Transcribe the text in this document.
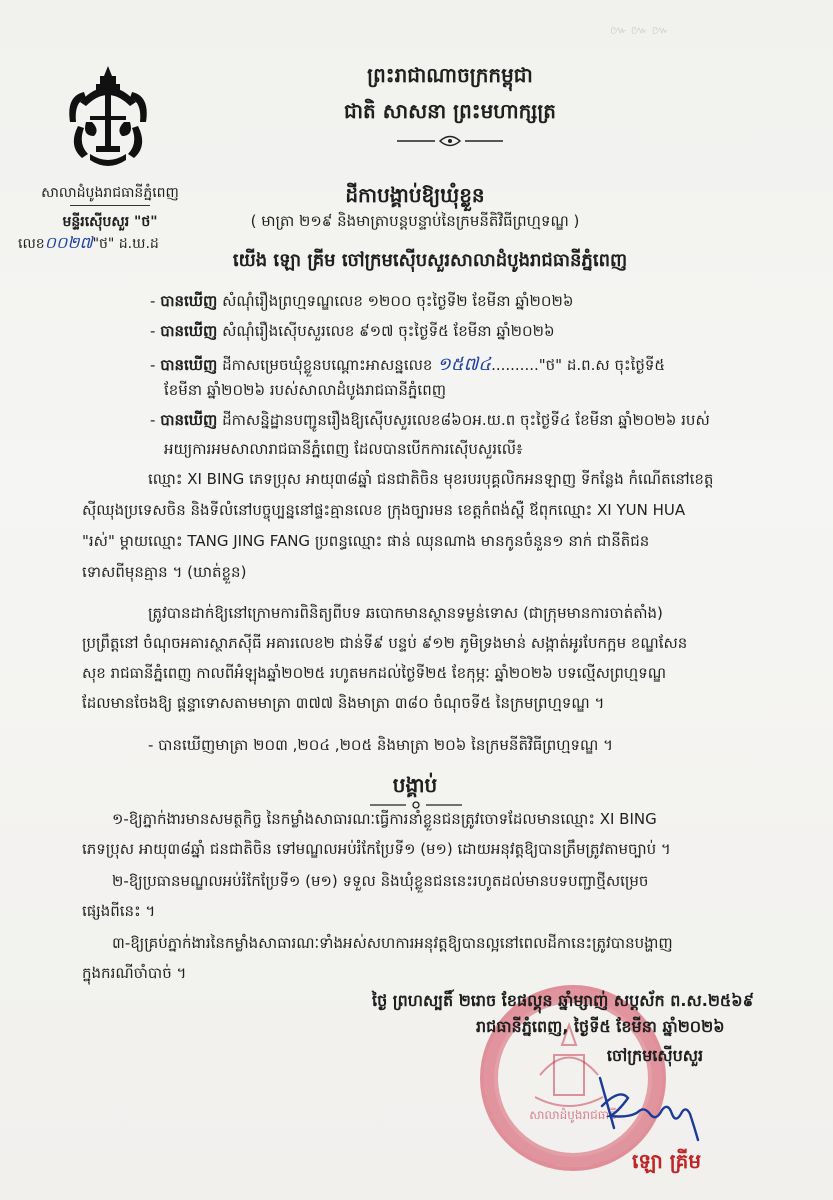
៚ ៚ ៚
សាលាដំបូងរាជធានីភ្នំពេញ
មន្ទីរស៊ើបសួរ "ថ"
លេខ០០២៧"ថ" ដ.ឃ.ដ
ព្រះរាជាណាចក្រកម្ពុជា
ជាតិ សាសនា ព្រះមហាក្សត្រ
ដីកាបង្គាប់ឱ្យឃុំខ្លួន
( មាត្រា ២១៩ និងមាត្រាបន្តបន្ទាប់នៃក្រមនីតិវិធីព្រហ្មទណ្ឌ )
យើង ឡោ គ្រីម ចៅក្រមស៊ើបសួរសាលាដំបូងរាជធានីភ្នំពេញ
- បានឃើញ សំណុំរឿងព្រហ្មទណ្ឌលេខ ១២០០ ចុះថ្ងៃទី២ ខែមីនា ឆ្នាំ២០២៦
- បានឃើញ សំណុំរឿងស៊ើបសួរលេខ ៩១៧ ចុះថ្ងៃទី៥ ខែមីនា ឆ្នាំ២០២៦
- បានឃើញ ដីកាសម្រេចឃុំខ្លួនបណ្ដោះអាសន្នលេខ ១៥៧៤.........."ថ" ដ.ព.ស ចុះថ្ងៃទី៥
ខែមីនា ឆ្នាំ២០២៦ របស់សាលាដំបូងរាជធានីភ្នំពេញ
- បានឃើញ ដីកាសន្និដ្ឋានបញ្ជូនរឿងឱ្យស៊ើបសួរលេខ៨៦០អ.យ.ព ចុះថ្ងៃទី៤ ខែមីនា ឆ្នាំ២០២៦ របស់
អយ្យការអមសាលារាជធានីភ្នំពេញ ដែលបានបើកការស៊ើបសួរលើ៖
ឈ្មោះ XI BING ភេទប្រុស អាយុ៣៨ឆ្នាំ ជនជាតិចិន មុខរបរបុគ្គលិកអនឡាញ ទីកន្លែង កំណើតនៅខេត្ត
ស៊ីឈុងប្រទេសចិន និងទីលំនៅបច្ចុប្បន្ននៅផ្ទះគ្មានលេខ ក្រុងច្បារមន ខេត្តកំពង់ស្ពឺ ឪពុកឈ្មោះ XI YUN HUA
"រស់" ម្ដាយឈ្មោះ TANG JING FANG ប្រពន្ធឈ្មោះ ផាន់ ឈុនណាង មានកូនចំនួន១ នាក់ ជានីតិជន
ទោសពីមុនគ្មាន ។ (ឃាត់ខ្លួន)
ត្រូវបានដាក់ឱ្យនៅក្រោមការពិនិត្យពីបទ ឆបោកមានស្ថានទម្ងន់ទោស (ជាក្រុមមានការចាត់តាំង)
ប្រព្រឹត្តនៅ ចំណុចអគារស្ថាភស៊ីធី អគារលេខ២ ជាន់ទី៩ បន្ទប់ ៩១២ ភូមិទ្រងមាន់ សង្កាត់អូរបែកក្អម ខណ្ឌសែន
សុខ រាជធានីភ្នំពេញ កាលពីអំឡុងឆ្នាំ២០២៥ រហូតមកដល់ថ្ងៃទី២៥ ខែកុម្ភៈ ឆ្នាំ២០២៦ បទល្មើសព្រហ្មទណ្ឌ
ដែលមានចែងឱ្យ ផ្ដន្ទាទោសតាមមាត្រា ៣៧៧ និងមាត្រា ៣៨០ ចំណុចទី៥ នៃក្រមព្រហ្មទណ្ឌ ។
- បានឃើញមាត្រា ២០៣ ,២០៤ ,២០៥ និងមាត្រា ២០៦ នៃក្រមនីតិវិធីព្រហ្មទណ្ឌ ។
បង្គាប់
១-ឱ្យភ្នាក់ងារមានសមត្ថកិច្ច នៃកម្លាំងសាធារណៈធ្វើការនាំខ្លួនជនត្រូវចោទដែលមានឈ្មោះ XI BING
ភេទប្រុស អាយុ៣៨ឆ្នាំ ជនជាតិចិន ទៅមណ្ឌលអប់រំកែប្រែទី១ (ម១) ដោយអនុវត្តឱ្យបានត្រឹមត្រូវតាមច្បាប់ ។
២-ឱ្យប្រធានមណ្ឌលអប់រំកែប្រែទី១ (ម១) ទទួល និងឃុំខ្លួនជននេះរហូតដល់មានបទបញ្ជាថ្មីសម្រេច
ផ្សេងពីនេះ ។
៣-ឱ្យគ្រប់ភ្នាក់ងារនៃកម្លាំងសាធារណៈទាំងអស់សហការអនុវត្តឱ្យបានល្អនៅពេលដីកានេះត្រូវបានបង្ហាញ
ក្នុងករណីចាំបាច់ ។
សាលាដំបូងរាជធានី
ថ្ងៃ ព្រហស្បតិ៍ ២រោច ខែផល្គុន ឆ្នាំម្សាញ់ សប្តស័ក ព.ស.២៥៦៩
រាជធានីភ្នំពេញ, ថ្ងៃទី៥ ខែមីនា ឆ្នាំ២០២៦
ចៅក្រមស៊ើបសួរ
ឡោ គ្រីម
